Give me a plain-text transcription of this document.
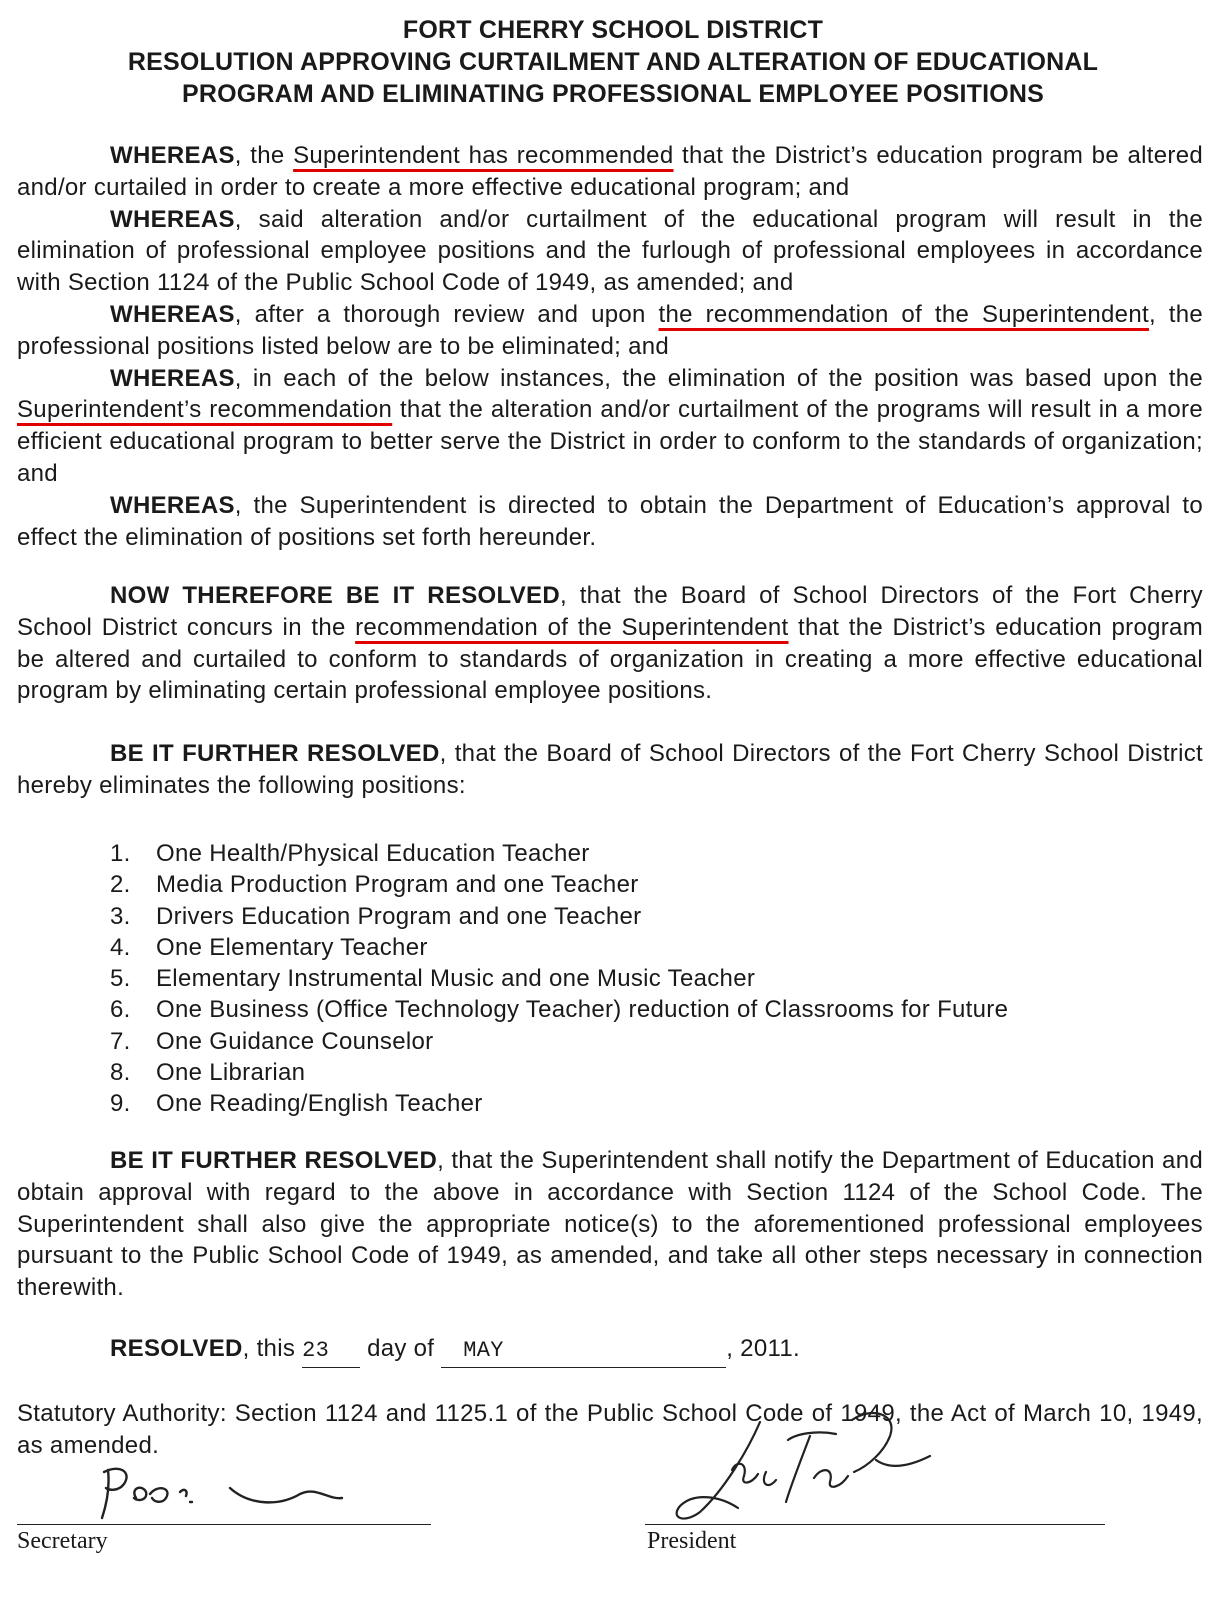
FORT CHERRY SCHOOL DISTRICT
RESOLUTION APPROVING CURTAILMENT AND ALTERATION OF EDUCATIONAL
PROGRAM AND ELIMINATING PROFESSIONAL EMPLOYEE POSITIONS
WHEREAS, the Superintendent has recommended that the District’s education program be altered and/or curtailed in order to create a more effective educational program; and
WHEREAS, said alteration and/or curtailment of the educational program will result in the elimination of professional employee positions and the furlough of professional employees in accordance with Section 1124 of the Public School Code of 1949, as amended; and
WHEREAS, after a thorough review and upon the recommendation of the Superintendent, the professional positions listed below are to be eliminated; and
WHEREAS, in each of the below instances, the elimination of the position was based upon the Superintendent’s recommendation that the alteration and/or curtailment of the programs will result in a more efficient educational program to better serve the District in order to conform to the standards of organization; and
WHEREAS, the Superintendent is directed to obtain the Department of Education’s approval to effect the elimination of positions set forth hereunder.
NOW THEREFORE BE IT RESOLVED, that the Board of School Directors of the Fort Cherry School District concurs in the recommendation of the Superintendent that the District’s education program be altered and curtailed to conform to standards of organization in creating a more effective educational program by eliminating certain professional employee positions.
BE IT FURTHER RESOLVED, that the Board of School Directors of the Fort Cherry School District hereby eliminates the following positions:
1.	One Health/Physical Education Teacher
2.	Media Production Program and one Teacher
3.	Drivers Education Program and one Teacher
4.	One Elementary Teacher
5.	Elementary Instrumental Music and one Music Teacher
6.	One Business (Office Technology Teacher) reduction of Classrooms for Future
7.	One Guidance Counselor
8.	One Librarian
9.	One Reading/English Teacher
BE IT FURTHER RESOLVED, that the Superintendent shall notify the Department of Education and obtain approval with regard to the above in accordance with Section 1124 of the School Code. The Superintendent shall also give the appropriate notice(s) to the aforementioned professional employees pursuant to the Public School Code of 1949, as amended, and take all other steps necessary in connection therewith.
RESOLVED, this 23 day of MAY	, 2011.
Statutory Authority: Section 1124 and 1125.1 of the Public School Code of 1949, the Act of March 10, 1949, as amended.
Secretary	President
